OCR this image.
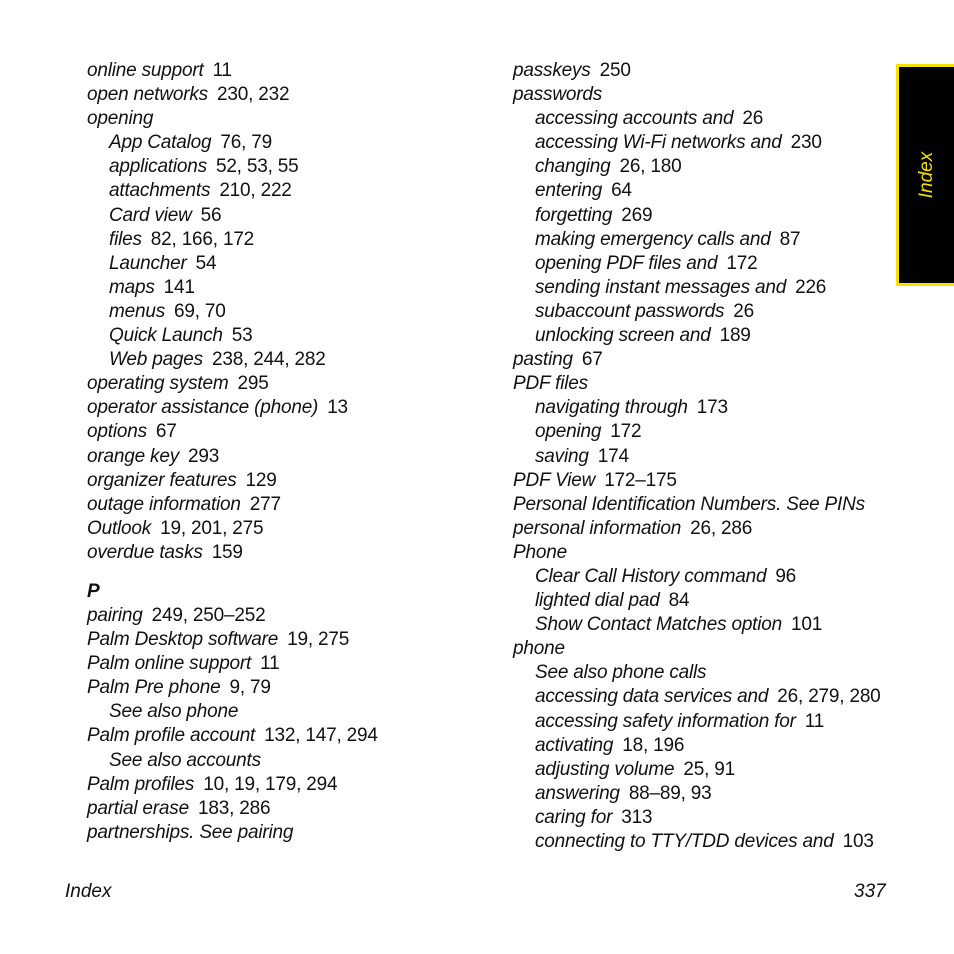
online support 11
open networks 230, 232
opening
App Catalog 76, 79
applications 52, 53, 55
attachments 210, 222
Card view 56
files 82, 166, 172
Launcher 54
maps 141
menus 69, 70
Quick Launch 53
Web pages 238, 244, 282
operating system 295
operator assistance (phone) 13
options 67
orange key 293
organizer features 129
outage information 277
Outlook 19, 201, 275
overdue tasks 159
P
pairing 249, 250–252
Palm Desktop software 19, 275
Palm online support 11
Palm Pre phone 9, 79
See also phone
Palm profile account 132, 147, 294
See also accounts
Palm profiles 10, 19, 179, 294
partial erase 183, 286
partnerships. See pairing
passkeys 250
passwords
accessing accounts and 26
accessing Wi-Fi networks and 230
changing 26, 180
entering 64
forgetting 269
making emergency calls and 87
opening PDF files and 172
sending instant messages and 226
subaccount passwords 26
unlocking screen and 189
pasting 67
PDF files
navigating through 173
opening 172
saving 174
PDF View 172–175
Personal Identification Numbers. See PINs
personal information 26, 286
Phone
Clear Call History command 96
lighted dial pad 84
Show Contact Matches option 101
phone
See also phone calls
accessing data services and 26, 279, 280
accessing safety information for 11
activating 18, 196
adjusting volume 25, 91
answering 88–89, 93
caring for 313
connecting to TTY/TDD devices and 103
Index
Index	337
